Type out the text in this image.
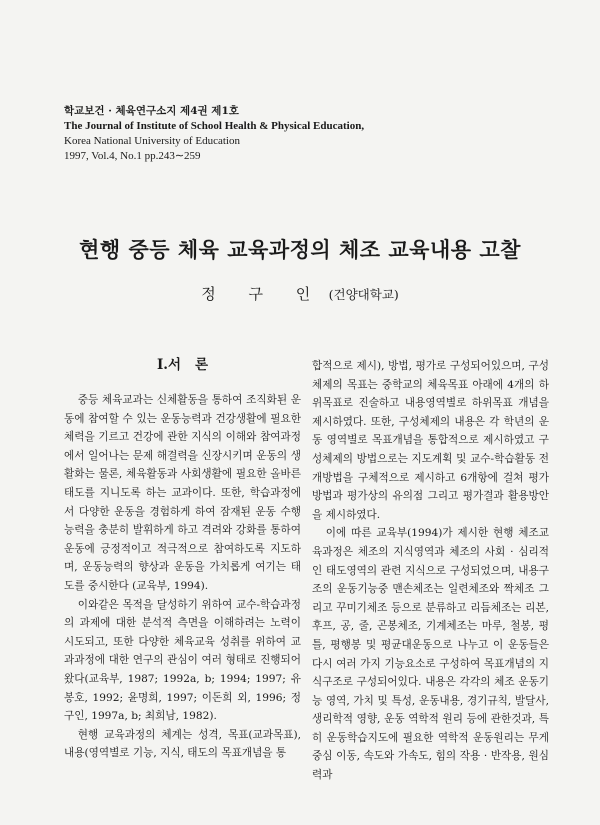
학교보건 · 체육연구소지 제4권 제1호
The Journal of Institute of School Health & Physical Education,
Korea National University of Education
1997, Vol.4, No.1 pp.243∼259
현행 중등 체육 교육과정의 체조 교육내용 고찰
정 구 인 (건양대학교)
Ⅰ.서론

중등 체육교과는 신체활동을 통하여 조직화된 운동에 참여할 수 있는 운동능력과 건강생활에 필요한 체력을 기르고 건강에 관한 지식의 이해와 참여과정에서 일어나는 문제 해결력을 신장시키며 운동의 생활화는 물론, 체육활동과 사회생활에 필요한 올바른 태도를 지니도록 하는 교과이다. 또한, 학습과정에서 다양한 운동을 경험하게 하여 잠재된 운동 수행능력을 충분히 발휘하게 하고 격려와 강화를 통하여 운동에 긍정적이고 적극적으로 참여하도록 지도하며, 운동능력의 향상과 운동을 가치롭게 여기는 태도를 중시한다 (교육부, 1994).

이와같은 목적을 달성하기 위하여 교수-학습과정의 과제에 대한 분석적 측면을 이해하려는 노력이 시도되고, 또한 다양한 체육교육 성취를 위하여 교과과정에 대한 연구의 관심이 여러 형태로 진행되어왔다(교육부, 1987; 1992a, b; 1994; 1997; 유봉호, 1992; 윤명희, 1997; 이돈희 외, 1996; 정구인, 1997a, b; 최희남, 1982).

현행 교육과정의 체계는 성격, 목표(교과목표), 내용(영역별로 기능, 지식, 태도의 목표개념을 통

합적으로 제시), 방법, 평가로 구성되어있으며, 구성체제의 목표는 중학교의 체육목표 아래에 4개의 하위목표로 진술하고 내용영역별로 하위목표 개념을 제시하였다. 또한, 구성체제의 내용은 각 학년의 운동 영역별로 목표개념을 통합적으로 제시하였고 구성체제의 방법으로는 지도계획 및 교수-학습활동 전개방법을 구체적으로 제시하고 6개항에 걸쳐 평가방법과 평가상의 유의점 그리고 평가결과 활용방안을 제시하였다.

이에 따른 교육부(1994)가 제시한 현행 체조교육과정은 체조의 지식영역과 체조의 사회 · 심리적인 태도영역의 관련 지식으로 구성되었으며, 내용구조의 운동기능중 맨손체조는 일련체조와 짝체조 그리고 꾸미기체조 등으로 분류하고 리듬체조는 리본, 후프, 공, 줄, 곤봉체조, 기계체조는 마루, 철봉, 평틀, 평행봉 및 평균대운동으로 나누고 이 운동들은 다시 여러 가지 기능요소로 구성하여 목표개념의 지식구조로 구성되어있다. 내용은 각각의 체조 운동기능 영역, 가치 및 특성, 운동내용, 경기규칙, 발달사, 생리학적 영향, 운동 역학적 원리 등에 관한것과, 특히 운동학습지도에 필요한 역학적 운동원리는 무게중심 이동, 속도와 가속도, 힘의 작용 · 반작용, 원심력과
